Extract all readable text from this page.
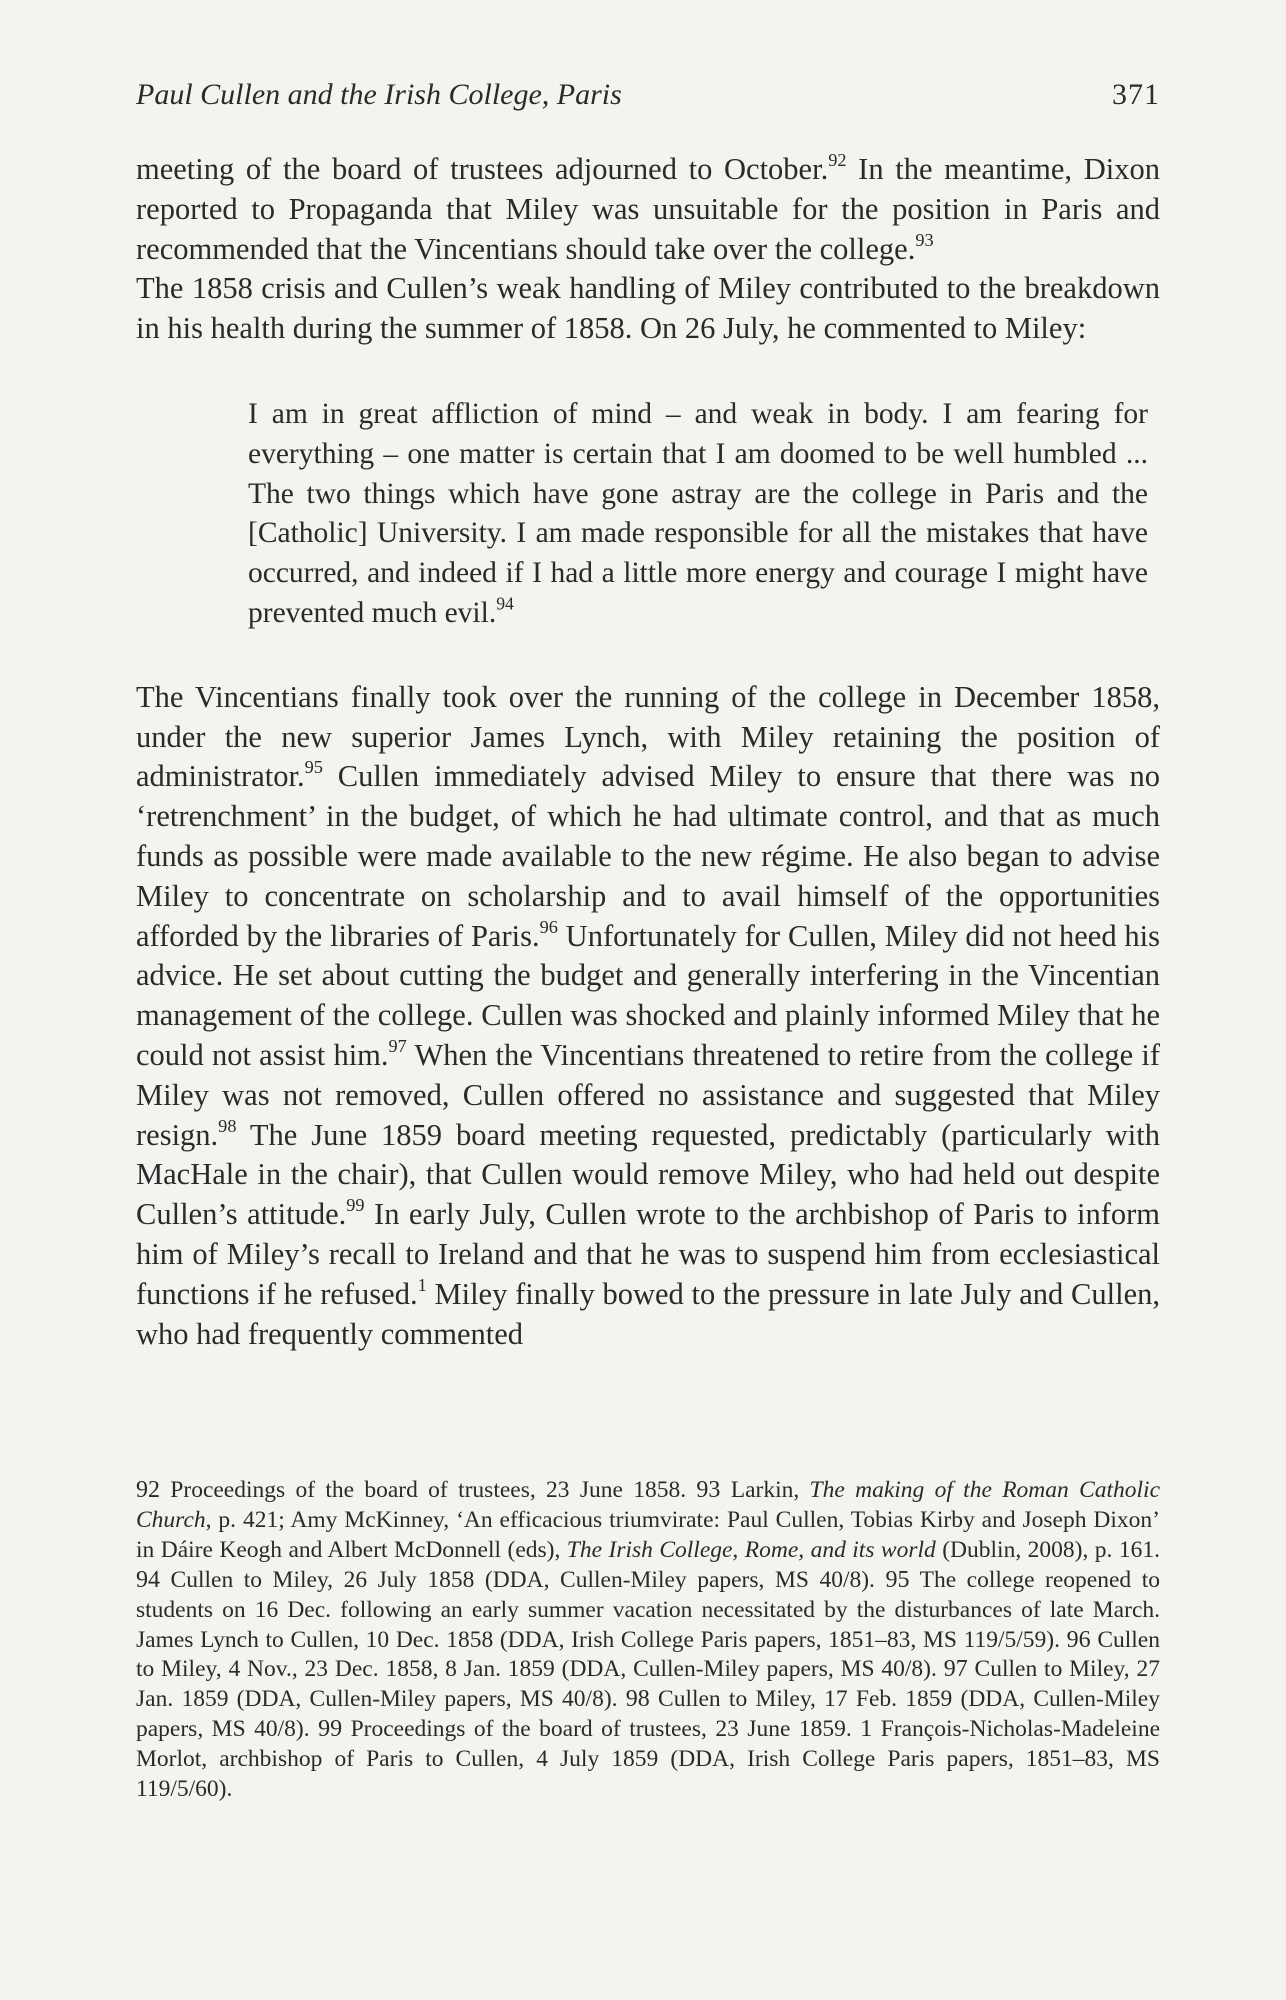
Paul Cullen and the Irish College, Paris	371

meeting of the board of trustees adjourned to October.$^{92}$ In the meantime, Dixon reported to Propaganda that Miley was unsuitable for the position in Paris and recommended that the Vincentians should take over the college.$^{93}$

The 1858 crisis and Cullen’s weak handling of Miley contributed to the breakdown in his health during the summer of 1858. On 26 July, he commented to Miley:

I am in great affliction of mind – and weak in body. I am fearing for everything – one matter is certain that I am doomed to be well humbled ... The two things which have gone astray are the college in Paris and the [Catholic] University. I am made responsible for all the mistakes that have occurred, and indeed if I had a little more energy and courage I might have prevented much evil.$^{94}$

The Vincentians finally took over the running of the college in December 1858, under the new superior James Lynch, with Miley retaining the position of administrator.$^{95}$ Cullen immediately advised Miley to ensure that there was no ‘retrenchment’ in the budget, of which he had ultimate control, and that as much funds as possible were made available to the new régime. He also began to advise Miley to concentrate on scholarship and to avail himself of the opportunities afforded by the libraries of Paris.$^{96}$ Unfortunately for Cullen, Miley did not heed his advice. He set about cutting the budget and generally interfering in the Vincentian management of the college. Cullen was shocked and plainly informed Miley that he could not assist him.$^{97}$ When the Vincentians threatened to retire from the college if Miley was not removed, Cullen offered no assistance and suggested that Miley resign.$^{98}$ The June 1859 board meeting requested, predictably (particularly with MacHale in the chair), that Cullen would remove Miley, who had held out despite Cullen’s attitude.$^{99}$ In early July, Cullen wrote to the archbishop of Paris to inform him of Miley’s recall to Ireland and that he was to suspend him from ecclesiastical functions if he refused.$^1$ Miley finally bowed to the pressure in late July and Cullen, who had frequently commented

92 Proceedings of the board of trustees, 23 June 1858. 93 Larkin, The making of the Roman Catholic Church, p. 421; Amy McKinney, ‘An efficacious triumvirate: Paul Cullen, Tobias Kirby and Joseph Dixon’ in Dáire Keogh and Albert McDonnell (eds), The Irish College, Rome, and its world (Dublin, 2008), p. 161. 94 Cullen to Miley, 26 July 1858 (DDA, Cullen-Miley papers, MS 40/8). 95 The college reopened to students on 16 Dec. following an early summer vacation necessitated by the disturbances of late March. James Lynch to Cullen, 10 Dec. 1858 (DDA, Irish College Paris papers, 1851–83, MS 119/5/59). 96 Cullen to Miley, 4 Nov., 23 Dec. 1858, 8 Jan. 1859 (DDA, Cullen-Miley papers, MS 40/8). 97 Cullen to Miley, 27 Jan. 1859 (DDA, Cullen-Miley papers, MS 40/8). 98 Cullen to Miley, 17 Feb. 1859 (DDA, Cullen-Miley papers, MS 40/8). 99 Proceedings of the board of trustees, 23 June 1859. 1 François-Nicholas-Madeleine Morlot, archbishop of Paris to Cullen, 4 July 1859 (DDA, Irish College Paris papers, 1851–83, MS 119/5/60).
